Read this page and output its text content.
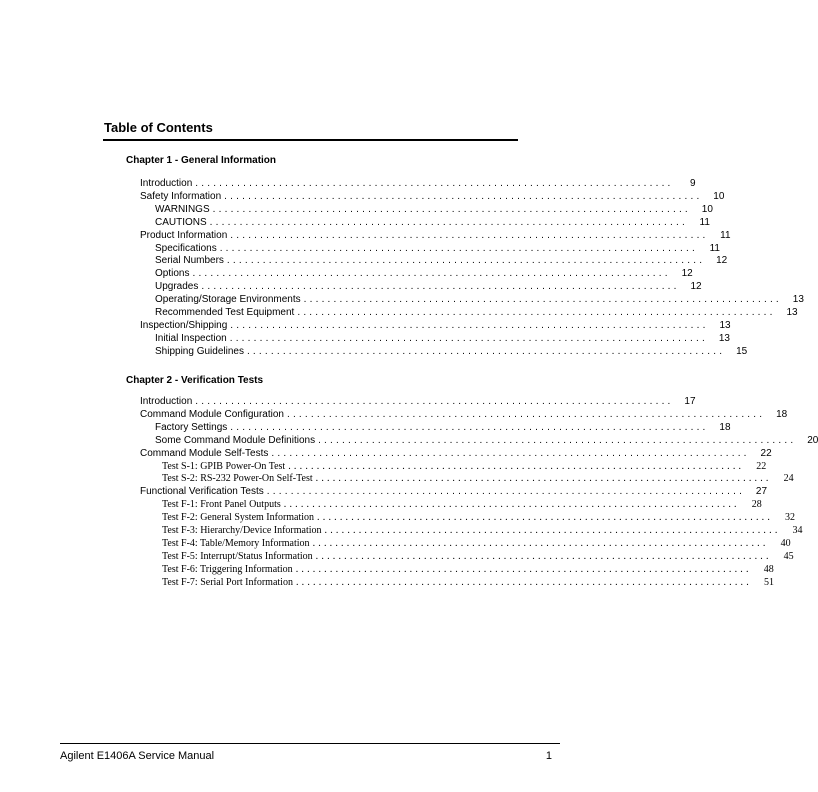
Table of Contents
Chapter 1 - General Information
Introduction ................................................................................	9
Safety Information ................................................................................	10
WARNINGS ................................................................................	10
CAUTIONS ................................................................................	11
Product Information ................................................................................	11
Specifications ................................................................................	11
Serial Numbers ................................................................................	12
Options ................................................................................	12
Upgrades ................................................................................	12
Operating/Storage Environments ................................................................................	13
Recommended Test Equipment ................................................................................	13
Inspection/Shipping ................................................................................	13
Initial Inspection ................................................................................	13
Shipping Guidelines ................................................................................	15
Chapter 2 - Verification Tests
Introduction ................................................................................	17
Command Module Configuration ................................................................................	18
Factory Settings ................................................................................	18
Some Command Module Definitions ................................................................................	20
Command Module Self-Tests ................................................................................	22
Test S-1: GPIB Power-On Test ................................................................................	22
Test S-2: RS-232 Power-On Self-Test ................................................................................	24
Functional Verification Tests ................................................................................	27
Test F-1: Front Panel Outputs ................................................................................	28
Test F-2: General System Information ................................................................................	32
Test F-3: Hierarchy/Device Information ................................................................................	34
Test F-4: Table/Memory Information ................................................................................	40
Test F-5: Interrupt/Status Information ................................................................................	45
Test F-6: Triggering Information ................................................................................	48
Test F-7: Serial Port Information ................................................................................	51
Agilent E1406A Service Manual	1
